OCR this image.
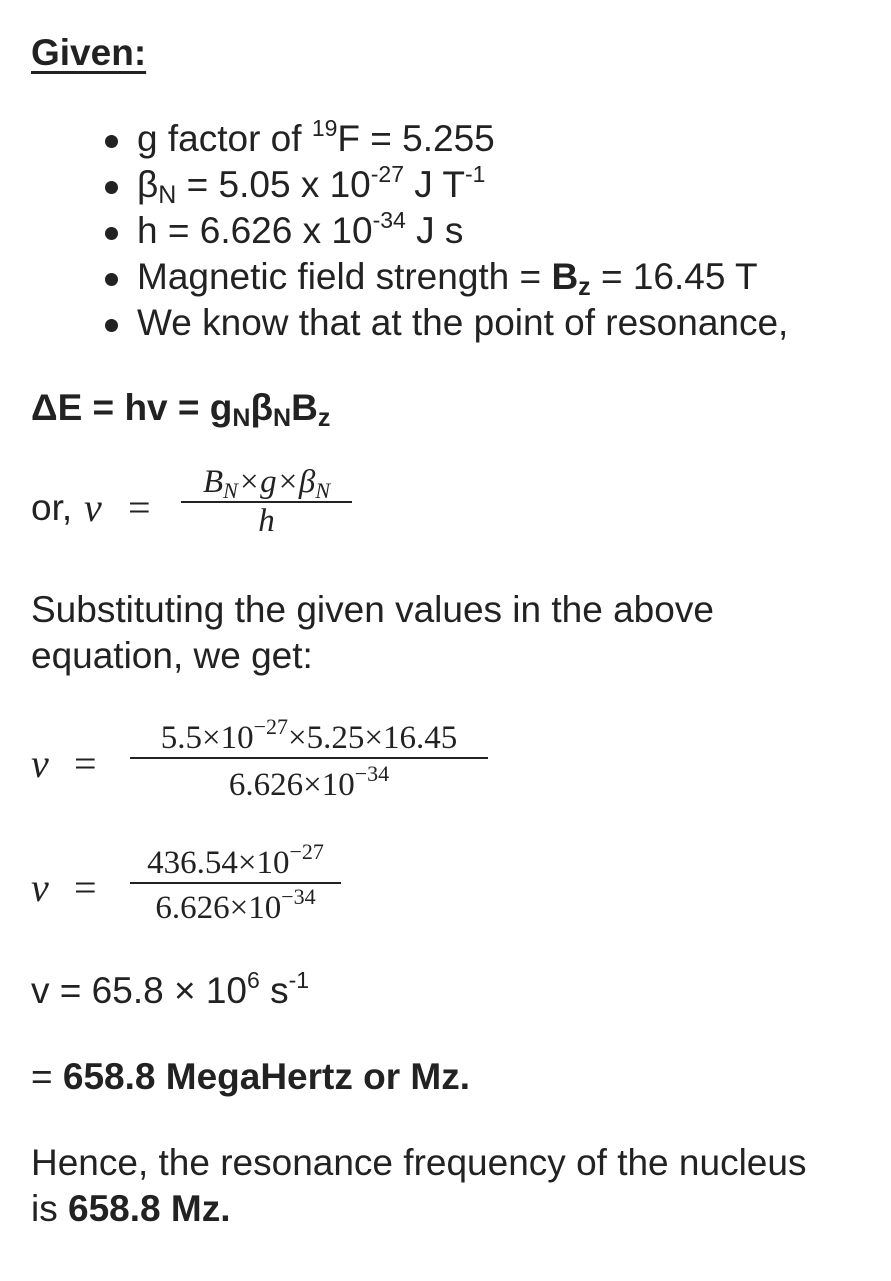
Given:
g factor of $^{19}$F = 5.255
$\beta_N = 5.05$ x $10^{-27}$ J $T^{-1}$
h = 6.626 x $10^{-34}$ J s
Magnetic field strength = $B_z = 16.45$ T
We know that at the point of resonance,
ΔE = hv = $g_N\beta_NB_z$
or, ν =
$B_N\times g\times\beta_N$
h
Substituting the given values in the above equation, we get:
ν =
$5.5\times 10^{-27}\times 5.25\times 16.45$
$6.626\times 10^{-34}$
ν =
$436.54\times 10^{-27}$
$6.626\times 10^{-34}$
$v = 65.8 \times 10^6$ $s^{-1}$
= 658.8 MegaHertz or Mz.
Hence, the resonance frequency of the nucleus
is 658.8 Mz.
